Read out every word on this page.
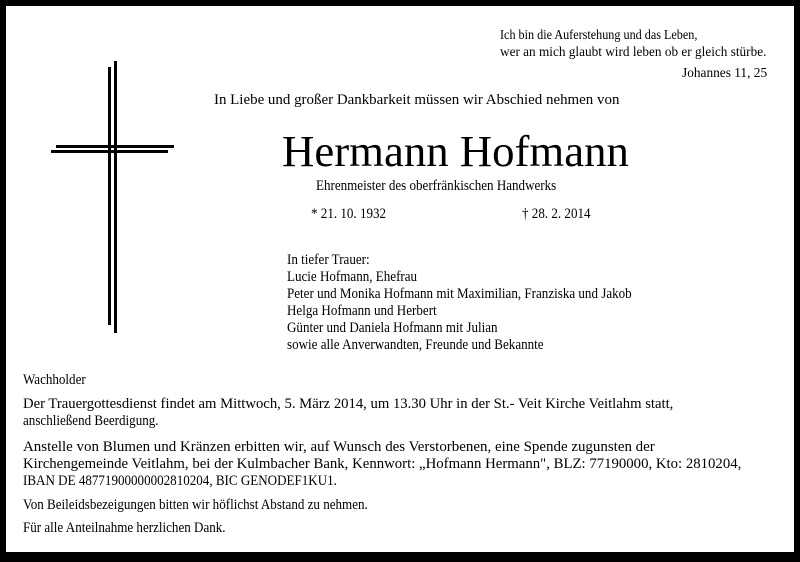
Ich bin die Auferstehung und das Leben,
wer an mich glaubt wird leben ob er gleich stürbe.
Johannes 11, 25
In Liebe und großer Dankbarkeit müssen wir Abschied nehmen von
Hermann Hofmann
Ehrenmeister des oberfränkischen Handwerks
* 21. 10. 1932	† 28. 2. 2014
In tiefer Trauer:
Lucie Hofmann, Ehefrau
Peter und Monika Hofmann mit Maximilian, Franziska und Jakob
Helga Hofmann und Herbert
Günter und Daniela Hofmann mit Julian
sowie alle Anverwandten, Freunde und Bekannte
Wachholder
Der Trauergottesdienst findet am Mittwoch, 5. März 2014, um 13.30 Uhr in der St.- Veit Kirche Veitlahm statt,
anschließend Beerdigung.
Anstelle von Blumen und Kränzen erbitten wir, auf Wunsch des Verstorbenen, eine Spende zugunsten der
Kirchengemeinde Veitlahm, bei der Kulmbacher Bank, Kennwort: „Hofmann Hermann", BLZ: 77190000, Kto: 2810204,
IBAN DE 48771900000002810204, BIC GENODEF1KU1.
Von Beileidsbezeigungen bitten wir höflichst Abstand zu nehmen.
Für alle Anteilnahme herzlichen Dank.
